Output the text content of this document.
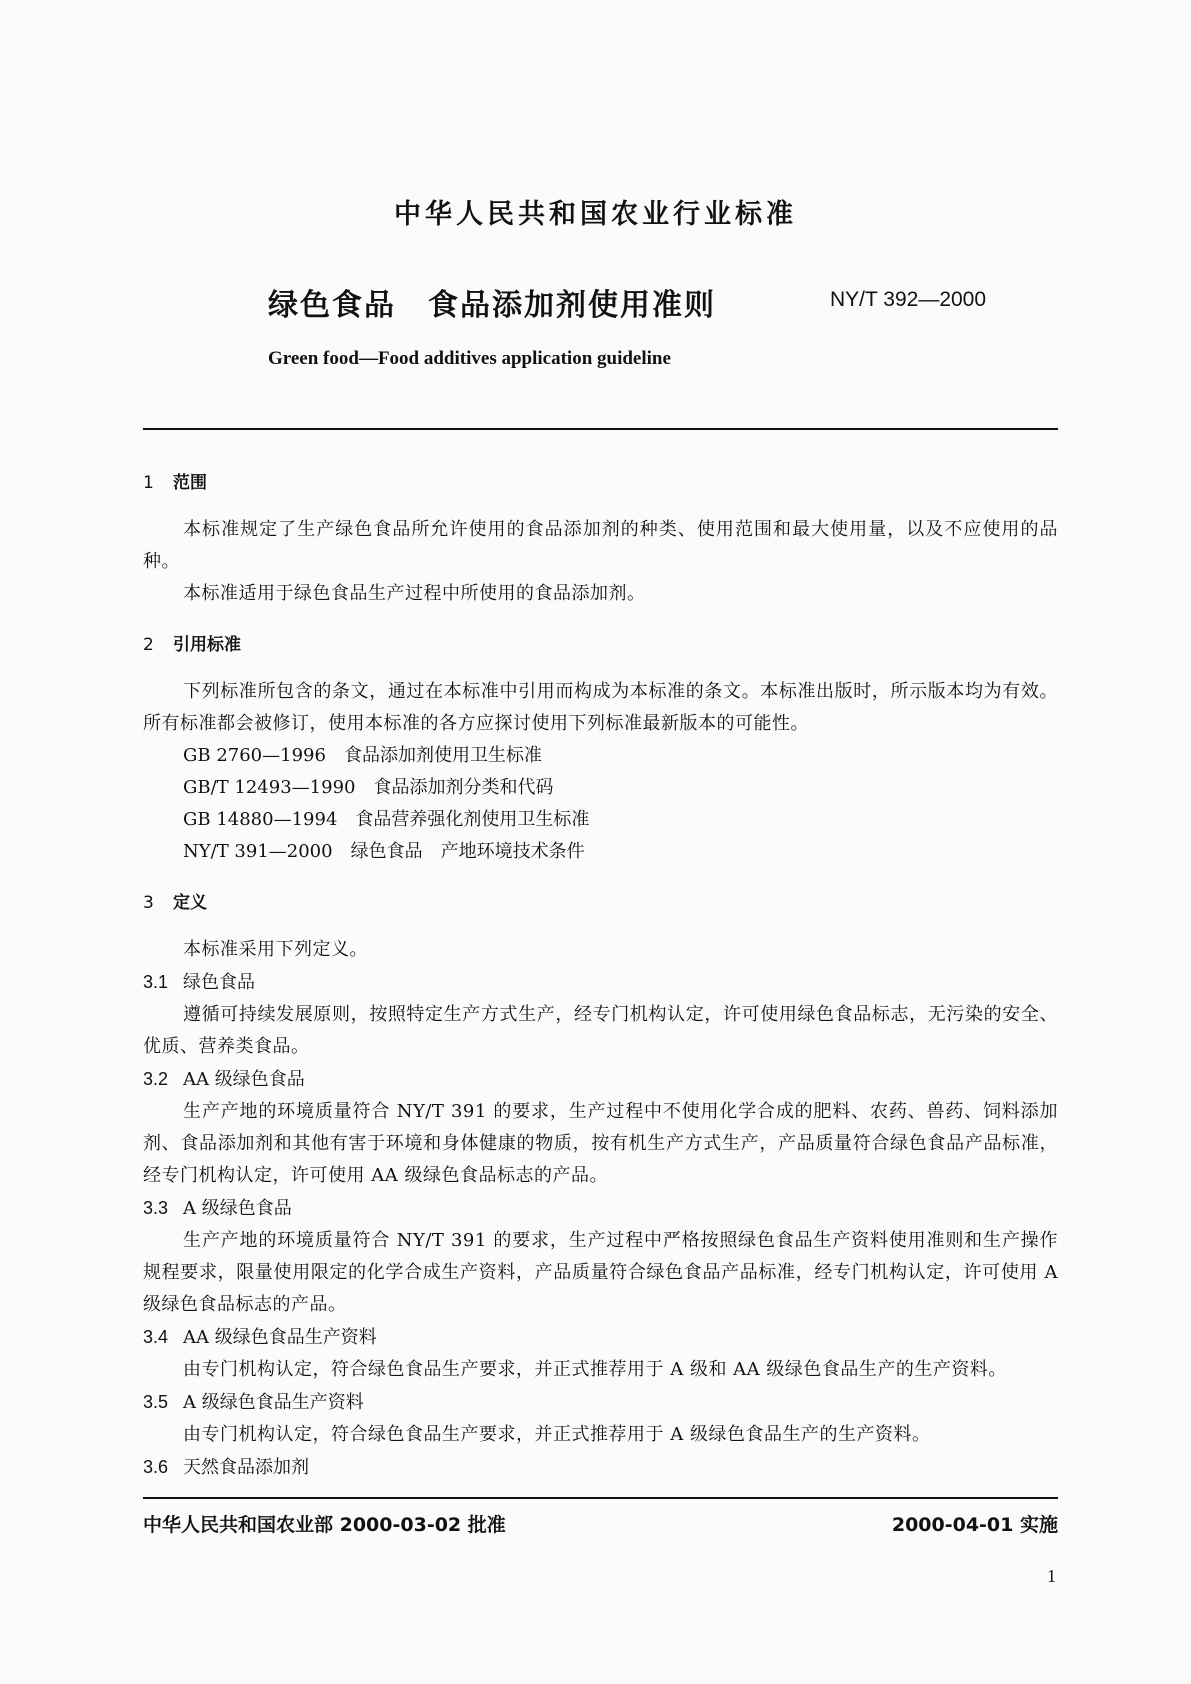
中华人民共和国农业行业标准
绿色食品　食品添加剂使用准则	NY/T 392—2000
Green food—Food additives application guideline
1 范围
本标准规定了生产绿色食品所允许使用的食品添加剂的种类、使用范围和最大使用量，以及不应使用的品种。
本标准适用于绿色食品生产过程中所使用的食品添加剂。
2 引用标准
下列标准所包含的条文，通过在本标准中引用而构成为本标准的条文。本标准出版时，所示版本均为有效。所有标准都会被修订，使用本标准的各方应探讨使用下列标准最新版本的可能性。
GB 2760—1996 食品添加剂使用卫生标准
GB/T 12493—1990 食品添加剂分类和代码
GB 14880—1994 食品营养强化剂使用卫生标准
NY/T 391—2000 绿色食品　产地环境技术条件
3 定义
本标准采用下列定义。
3.1 绿色食品
遵循可持续发展原则，按照特定生产方式生产，经专门机构认定，许可使用绿色食品标志，无污染的安全、优质、营养类食品。
3.2 AA 级绿色食品
生产产地的环境质量符合 NY/T 391 的要求，生产过程中不使用化学合成的肥料、农药、兽药、饲料添加剂、食品添加剂和其他有害于环境和身体健康的物质，按有机生产方式生产，产品质量符合绿色食品产品标准，经专门机构认定，许可使用 AA 级绿色食品标志的产品。
3.3 A 级绿色食品
生产产地的环境质量符合 NY/T 391 的要求，生产过程中严格按照绿色食品生产资料使用准则和生产操作规程要求，限量使用限定的化学合成生产资料，产品质量符合绿色食品产品标准，经专门机构认定，许可使用 A 级绿色食品标志的产品。
3.4 AA 级绿色食品生产资料
由专门机构认定，符合绿色食品生产要求，并正式推荐用于 A 级和 AA 级绿色食品生产的生产资料。
3.5 A 级绿色食品生产资料
由专门机构认定，符合绿色食品生产要求，并正式推荐用于 A 级绿色食品生产的生产资料。
3.6 天然食品添加剂
中华人民共和国农业部 2000-03-02 批准	2000-04-01 实施
1
